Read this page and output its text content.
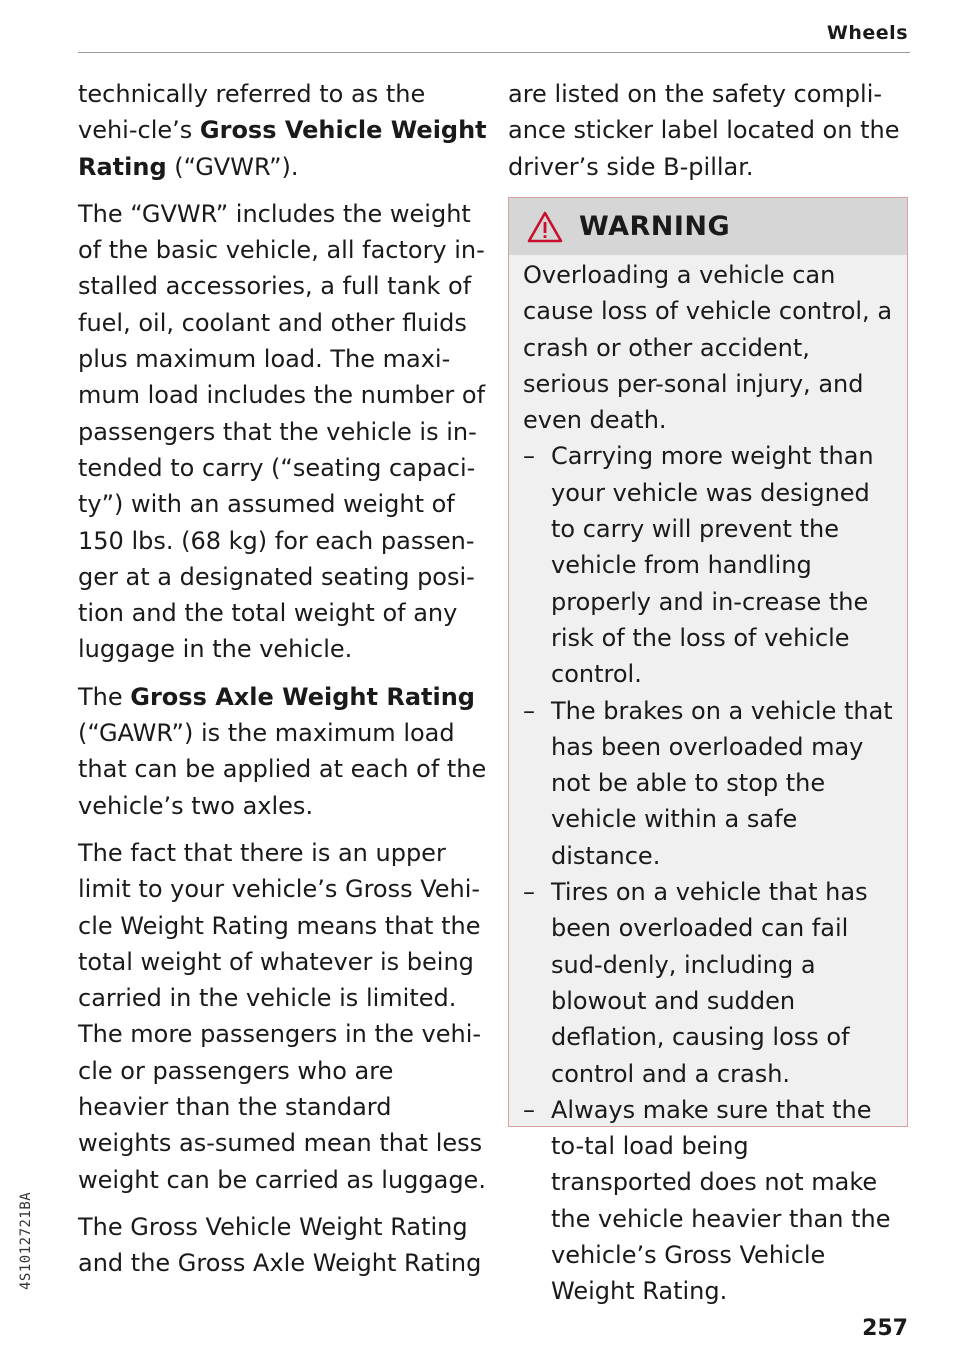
Wheels

technically referred to as the vehi-cle’s Gross Vehicle Weight Rating (“GVWR”).

The “GVWR” includes the weight of the basic vehicle, all factory in-stalled accessories, a full tank of fuel, oil, coolant and other fluids plus maximum load. The maxi-mum load includes the number of passengers that the vehicle is in-tended to carry (“seating capaci-ty”) with an assumed weight of 150 lbs. (68 kg) for each passen-ger at a designated seating posi-tion and the total weight of any luggage in the vehicle.

The Gross Axle Weight Rating (“GAWR”) is the maximum load that can be applied at each of the vehicle’s two axles.

The fact that there is an upper limit to your vehicle’s Gross Vehi-cle Weight Rating means that the total weight of whatever is being carried in the vehicle is limited. The more passengers in the vehi-cle or passengers who are heavier than the standard weights as-sumed mean that less weight can be carried as luggage.

The Gross Vehicle Weight Rating and the Gross Axle Weight Rating

are listed on the safety compli-ance sticker label located on the driver’s side B-pillar.

WARNING

Overloading a vehicle can cause loss of vehicle control, a crash or other accident, serious per-sonal injury, and even death.

– Carrying more weight than your vehicle was designed to carry will prevent the vehicle from handling properly and in-crease the risk of the loss of vehicle control.
– The brakes on a vehicle that has been overloaded may not be able to stop the vehicle within a safe distance.
– Tires on a vehicle that has been overloaded can fail sud-denly, including a blowout and sudden deflation, causing loss of control and a crash.
– Always make sure that the to-tal load being transported does not make the vehicle heavier than the vehicle’s Gross Vehicle Weight Rating.
4S1012721BA
257
